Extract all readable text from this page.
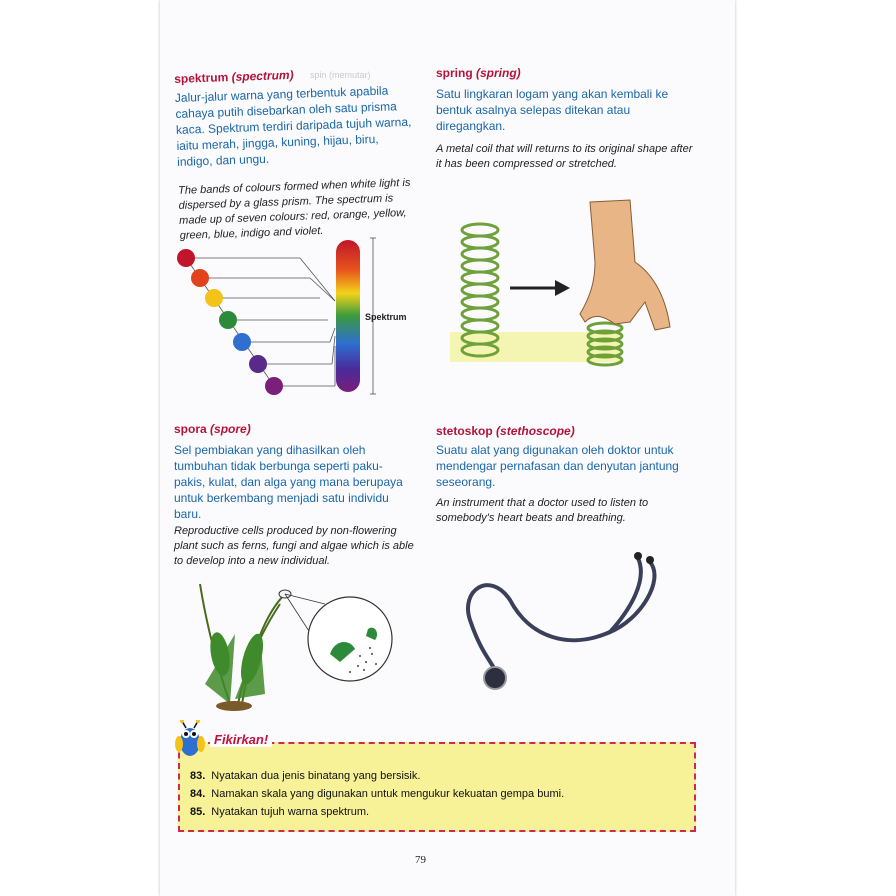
spin (memutar)
spektrum (spectrum)
Jalur-jalur warna yang terbentuk apabila cahaya putih disebarkan oleh satu prisma kaca. Spektrum terdiri daripada tujuh warna, iaitu merah, jingga, kuning, hijau, biru, indigo, dan ungu.
The bands of colours formed when white light is dispersed by a glass prism. The spectrum is made up of seven colours: red, orange, yellow, green, blue, indigo and violet.
Spektrum
spora (spore)
Sel pembiakan yang dihasilkan oleh tumbuhan tidak berbunga seperti paku-pakis, kulat, dan alga yang mana berupaya untuk berkembang menjadi satu individu baru.
Reproductive cells produced by non-flowering plant such as ferns, fungi and algae which is able to develop into a new individual.
spring (spring)
Satu lingkaran logam yang akan kembali ke bentuk asalnya selepas ditekan atau diregangkan.
A metal coil that will returns to its original shape after it has been compressed or stretched.
stetoskop (stethoscope)
Suatu alat yang digunakan oleh doktor untuk mendengar pernafasan dan denyutan jantung seseorang.
An instrument that a doctor used to listen to somebody's heart beats and breathing.
Fikirkan!
83. Nyatakan dua jenis binatang yang bersisik.
84. Namakan skala yang digunakan untuk mengukur kekuatan gempa bumi.
85. Nyatakan tujuh warna spektrum.
79
